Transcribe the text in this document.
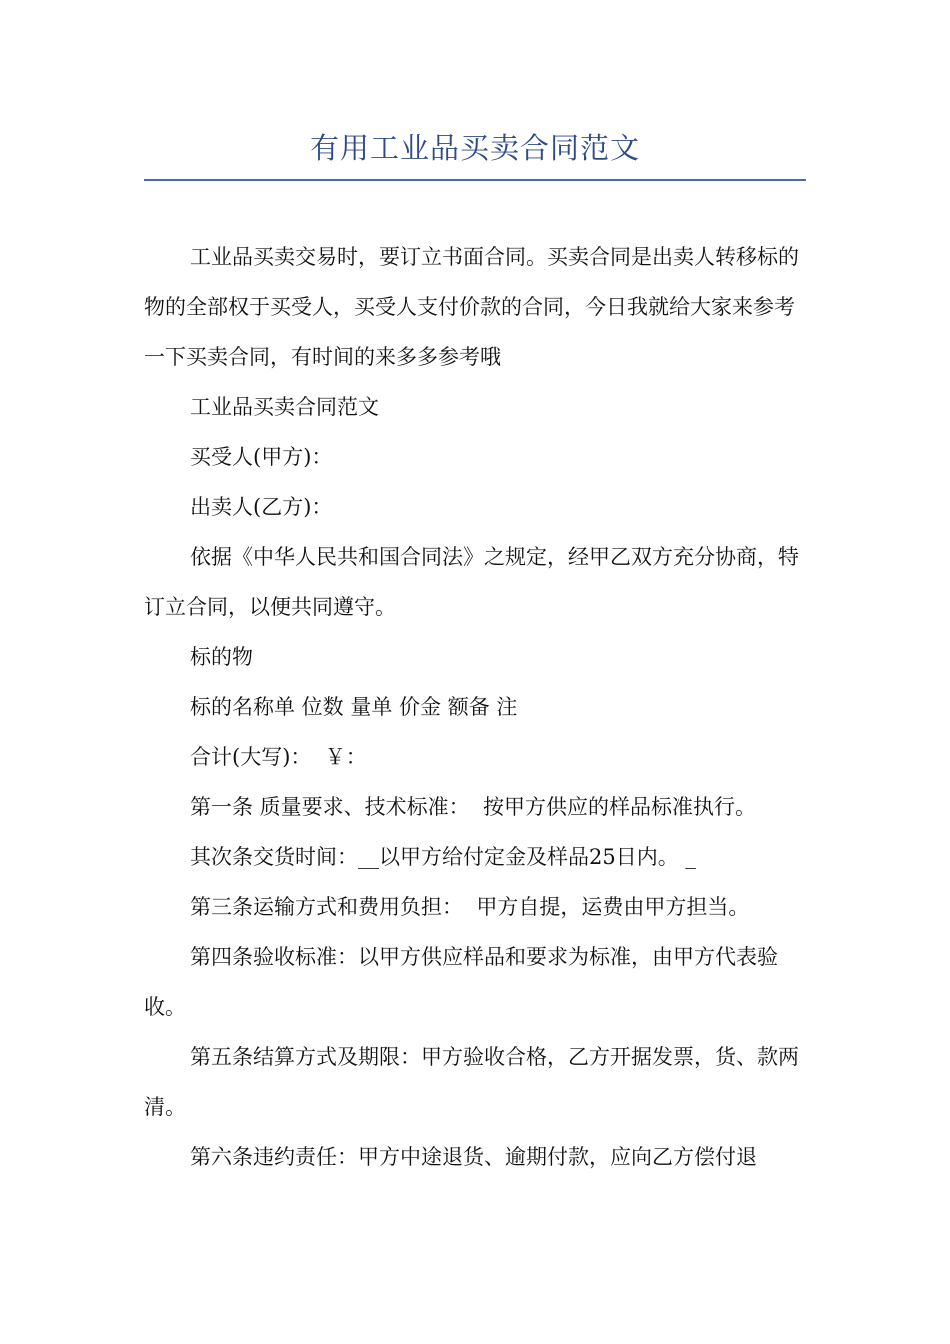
有用工业品买卖合同范文

工业品买卖交易时，要订立书面合同。买卖合同是出卖人转移标的物的全部权于买受人，买受人支付价款的合同，今日我就给大家来参考一下买卖合同，有时间的来多多参考哦

工业品买卖合同范文

买受人(甲方)：

出卖人(乙方)：

依据《中华人民共和国合同法》之规定，经甲乙双方充分协商，特订立合同，以便共同遵守。

标的物

标的名称单 位数 量单 价金 额备 注

合计(大写)：  ￥：

第一条 质量要求、技术标准：  按甲方供应的样品标准执行。

其次条交货时间：__以甲方给付定金及样品25日内。 _

第三条运输方式和费用负担：  甲方自提，运费由甲方担当。

第四条验收标准：以甲方供应样品和要求为标准，由甲方代表验收。

第五条结算方式及期限：甲方验收合格，乙方开据发票，货、款两清。

第六条违约责任：甲方中途退货、逾期付款，应向乙方偿付退
